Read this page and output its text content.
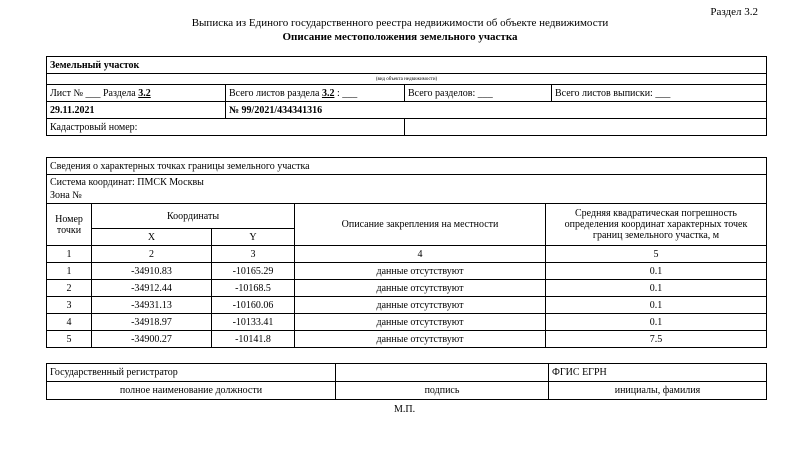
Раздел 3.2
Выписка из Единого государственного реестра недвижимости об объекте недвижимости
Описание местоположения земельного участка
Земельный участок			
(вид объекта недвижимости)			
Лист № ___ Раздела 3.2	Всего листов раздела 3.2 : ___	Всего разделов: ___	Всего листов выписки: ___
29.11.2021	№ 99/2021/434341316		
Кадастровый номер:			
Сведения о характерных точках границы земельного участка				

Система координат: ПМСК Москвы
Зона №				

Номер точки	Координаты		Описание закрепления на местности	Средняя квадратическая погрешность определения координат характерных точек границ земельного участка, м
	X	Y		
1	2	3	4	5
1	-34910.83	-10165.29	данные отсутствуют	0.1
2	-34912.44	-10168.5	данные отсутствуют	0.1
3	-34931.13	-10160.06	данные отсутствуют	0.1
4	-34918.97	-10133.41	данные отсутствуют	0.1
5	-34900.27	-10141.8	данные отсутствуют	7.5
Государственный регистратор		ФГИС ЕГРН
полное наименование должности	подпись	инициалы, фамилия
М.П.
